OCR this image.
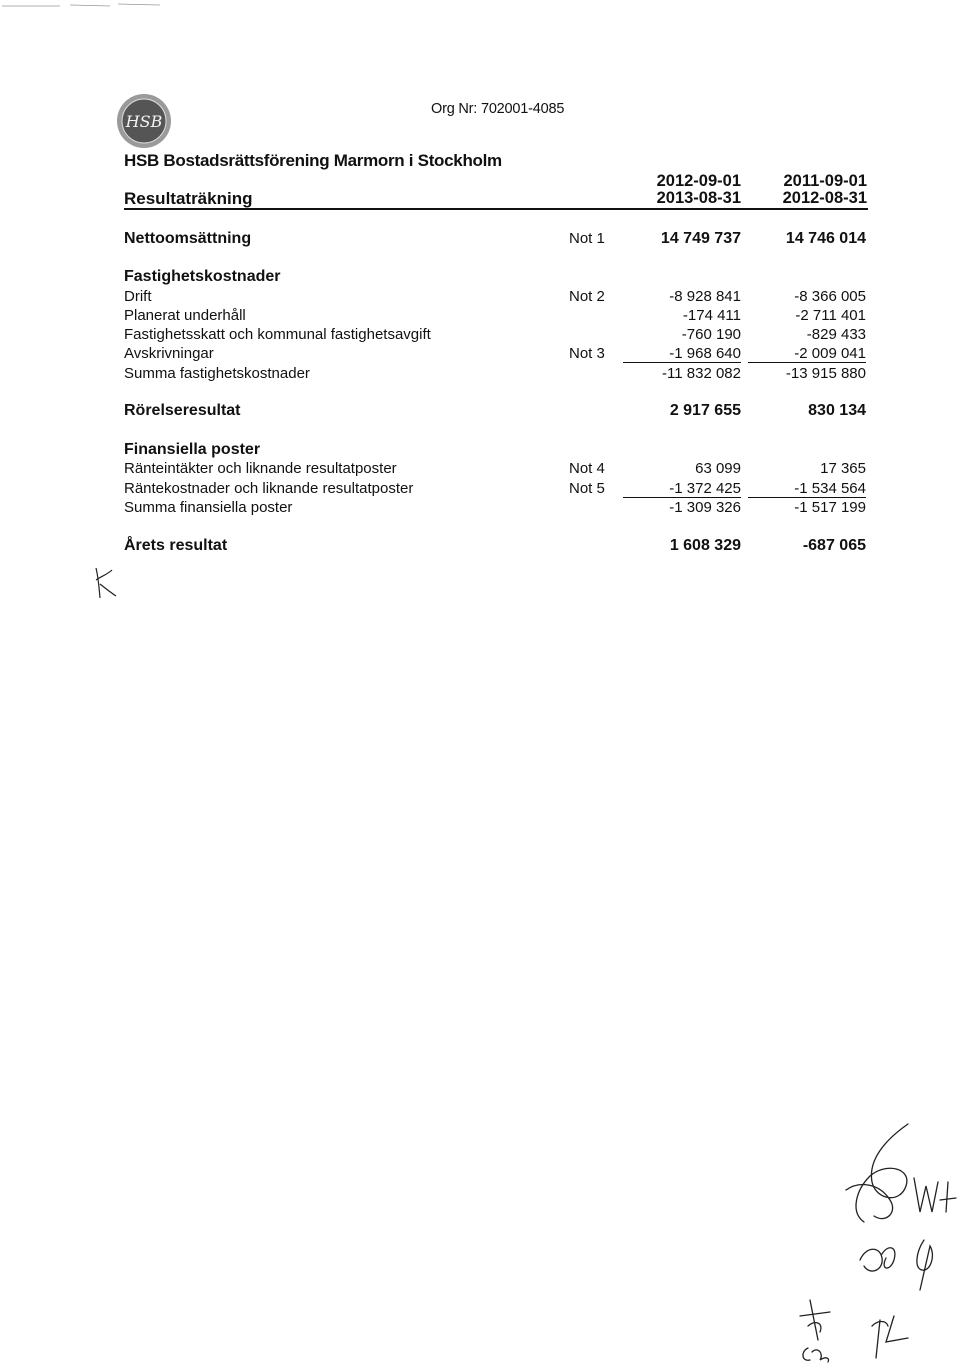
HSB
Org Nr: 702001-4085
HSB Bostadsrättsförening Marmorn i Stockholm
Resultaträkning
2012-09-01
2013-08-31
2011-09-01
2012-08-31
Nettoomsättning	Not 1	14 749 737	14 746 014
Fastighetskostnader
Drift	Not 2	-8 928 841	-8 366 005
Planerat underhåll	-174 411	-2 711 401
Fastighetsskatt och kommunal fastighetsavgift	-760 190	-829 433
Avskrivningar	Not 3	-1 968 640	-2 009 041
Summa fastighetskostnader	-11 832 082	-13 915 880
Rörelseresultat	2 917 655	830 134
Finansiella poster
Ränteintäkter och liknande resultatposter	Not 4	63 099	17 365
Räntekostnader och liknande resultatposter	Not 5	-1 372 425	-1 534 564
Summa finansiella poster	-1 309 326	-1 517 199
Årets resultat	1 608 329	-687 065
